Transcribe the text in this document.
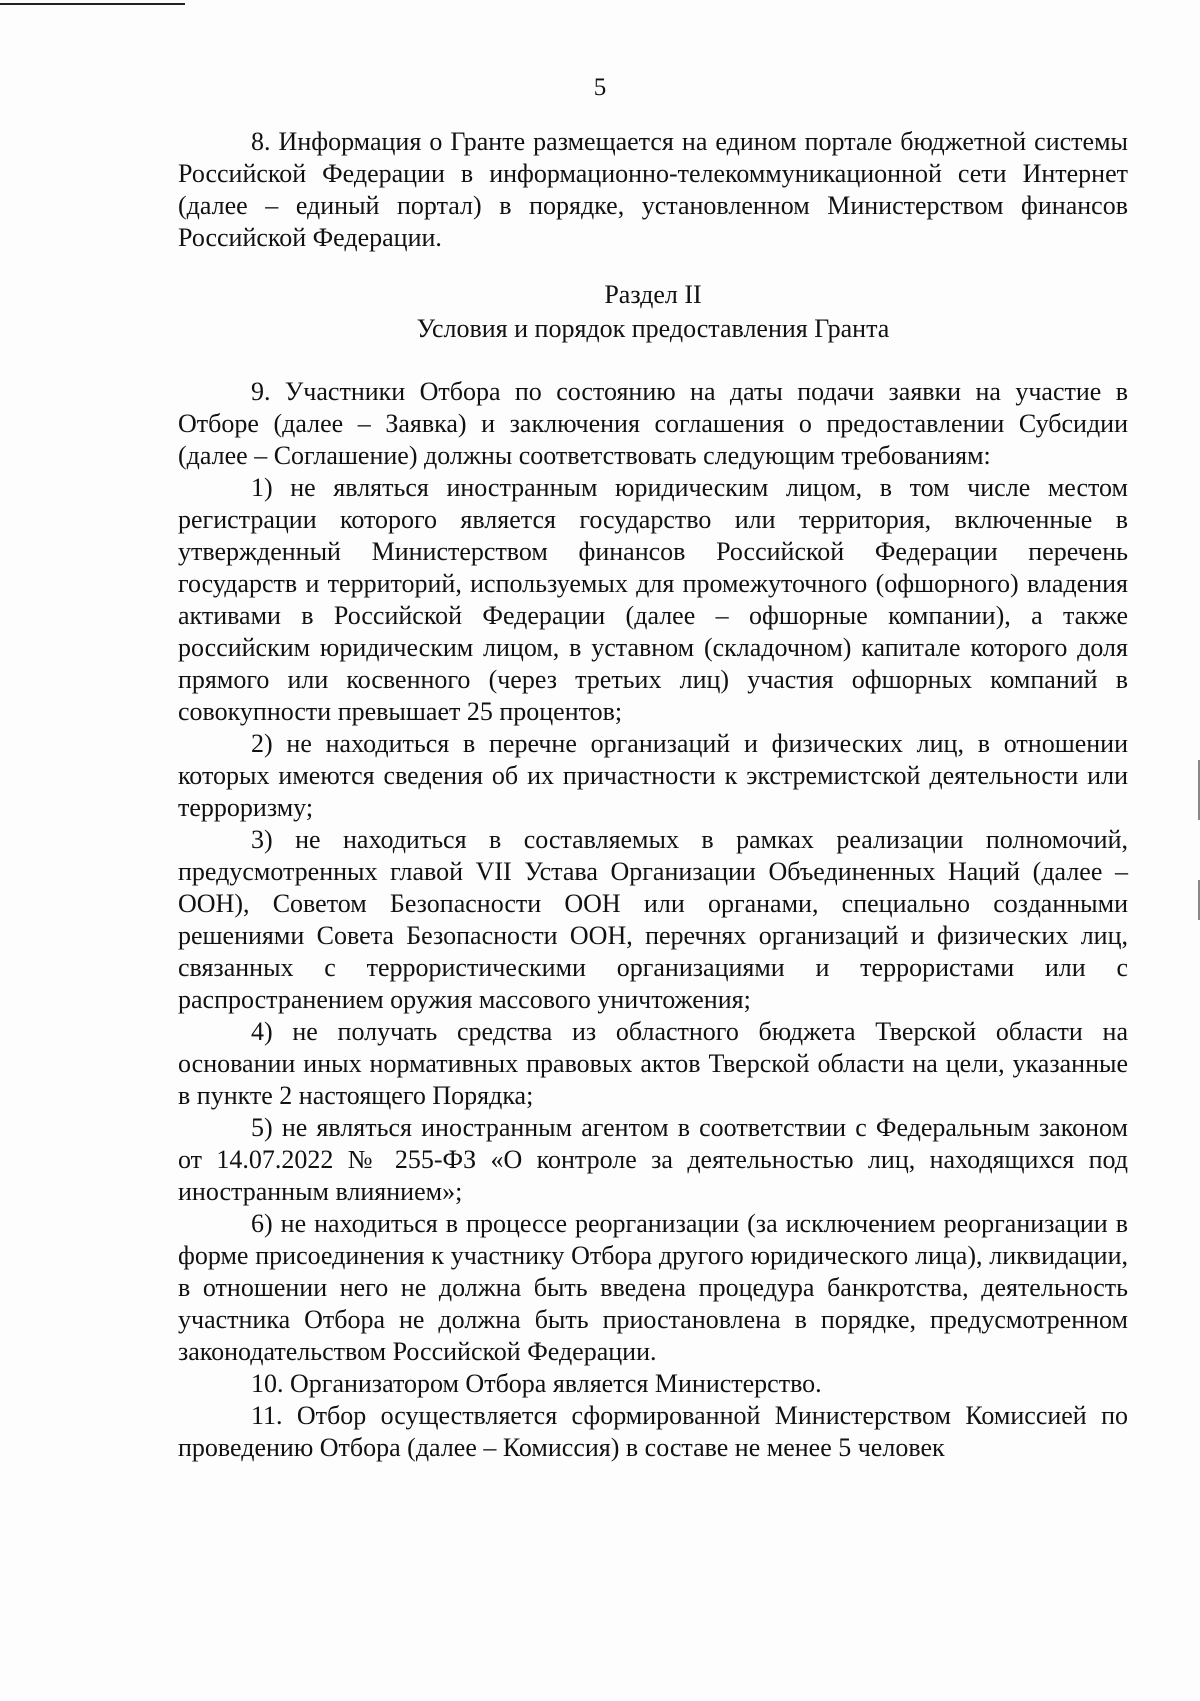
5

8. Информация о Гранте размещается на едином портале бюджетной системы Российской Федерации в информационно-телекоммуникационной сети Интернет (далее – единый портал) в порядке, установленном Министерством финансов Российской Федерации.

Раздел II
Условия и порядок предоставления Гранта

9. Участники Отбора по состоянию на даты подачи заявки на участие в Отборе (далее – Заявка) и заключения соглашения о предоставлении Субсидии (далее – Соглашение) должны соответствовать следующим требованиям:

1) не являться иностранным юридическим лицом, в том числе местом регистрации которого является государство или территория, включенные в утвержденный Министерством финансов Российской Федерации перечень государств и территорий, используемых для промежуточного (офшорного) владения активами в Российской Федерации (далее – офшорные компании), а также российским юридическим лицом, в уставном (складочном) капитале которого доля прямого или косвенного (через третьих лиц) участия офшорных компаний в совокупности превышает 25 процентов;

2) не находиться в перечне организаций и физических лиц, в отношении которых имеются сведения об их причастности к экстремистской деятельности или терроризму;

3) не находиться в составляемых в рамках реализации полномочий, предусмотренных главой VII Устава Организации Объединенных Наций (далее – ООН), Советом Безопасности ООН или органами, специально созданными решениями Совета Безопасности ООН, перечнях организаций и физических лиц, связанных с террористическими организациями и террористами или с распространением оружия массового уничтожения;

4) не получать средства из областного бюджета Тверской области на основании иных нормативных правовых актов Тверской области на цели, указанные в пункте 2 настоящего Порядка;

5) не являться иностранным агентом в соответствии с Федеральным законом от 14.07.2022 № 255-ФЗ «О контроле за деятельностью лиц, находящихся под иностранным влиянием»;

6) не находиться в процессе реорганизации (за исключением реорганизации в форме присоединения к участнику Отбора другого юридического лица), ликвидации, в отношении него не должна быть введена процедура банкротства, деятельность участника Отбора не должна быть приостановлена в порядке, предусмотренном законодательством Российской Федерации.

10. Организатором Отбора является Министерство.

11. Отбор осуществляется сформированной Министерством Комиссией по проведению Отбора (далее – Комиссия) в составе не менее 5 человек
